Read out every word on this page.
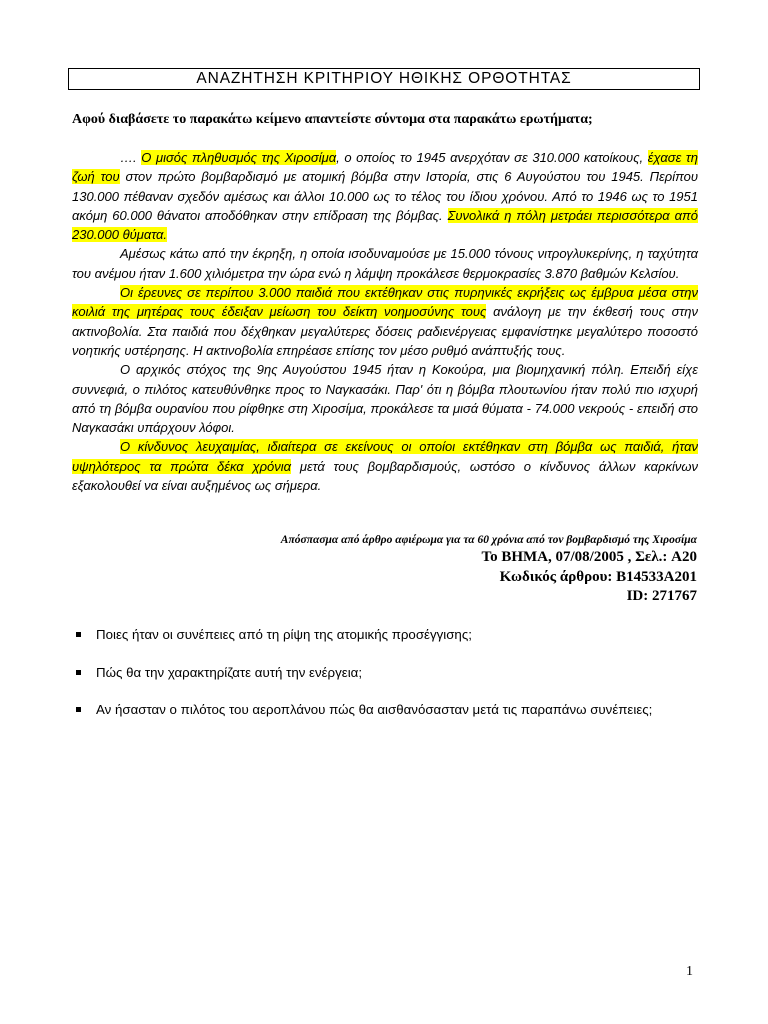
ΑΝΑΖΗΤΗΣΗ ΚΡΙΤΗΡΙΟΥ ΗΘΙΚΗΣ ΟΡΘΟΤΗΤΑΣ
Αφού διαβάσετε το παρακάτω κείμενο απαντείστε σύντομα στα παρακάτω ερωτήματα;

…. Ο μισός πληθυσμός της Χιροσίμα, ο οποίος το 1945 ανερχόταν σε 310.000 κατοίκους, έχασε τη ζωή του στον πρώτο βομβαρδισμό με ατομική βόμβα στην Ιστορία, στις 6 Αυγούστου του 1945. Περίπου 130.000 πέθαναν σχεδόν αμέσως και άλλοι 10.000 ως το τέλος του ίδιου χρόνου. Από το 1946 ως το 1951 ακόμη 60.000 θάνατοι αποδόθηκαν στην επίδραση της βόμβας. Συνολικά η πόλη μετράει περισσότερα από 230.000 θύματα.

Αμέσως κάτω από την έκρηξη, η οποία ισοδυναμούσε με 15.000 τόνους νιτρογλυκερίνης, η ταχύτητα του ανέμου ήταν 1.600 χιλιόμετρα την ώρα ενώ η λάμψη προκάλεσε θερμοκρασίες 3.870 βαθμών Κελσίου.

Οι έρευνες σε περίπου 3.000 παιδιά που εκτέθηκαν στις πυρηνικές εκρήξεις ως έμβρυα μέσα στην κοιλιά της μητέρας τους έδειξαν μείωση του δείκτη νοημοσύνης τους ανάλογη με την έκθεσή τους στην ακτινοβολία. Στα παιδιά που δέχθηκαν μεγαλύτερες δόσεις ραδιενέργειας εμφανίστηκε μεγαλύτερο ποσοστό νοητικής υστέρησης. Η ακτινοβολία επηρέασε επίσης τον μέσο ρυθμό ανάπτυξής τους.

Ο αρχικός στόχος της 9ης Αυγούστου 1945 ήταν η Κοκούρα, μια βιομηχανική πόλη. Επειδή είχε συννεφιά, ο πιλότος κατευθύνθηκε προς το Ναγκασάκι. Παρ' ότι η βόμβα πλουτωνίου ήταν πολύ πιο ισχυρή από τη βόμβα ουρανίου που ρίφθηκε στη Χιροσίμα, προκάλεσε τα μισά θύματα - 74.000 νεκρούς - επειδή στο Ναγκασάκι υπάρχουν λόφοι.

Ο κίνδυνος λευχαιμίας, ιδιαίτερα σε εκείνους οι οποίοι εκτέθηκαν στη βόμβα ως παιδιά, ήταν υψηλότερος τα πρώτα δέκα χρόνια μετά τους βομβαρδισμούς, ωστόσο ο κίνδυνος άλλων καρκίνων εξακολουθεί να είναι αυξημένος ως σήμερα.

Απόσπασμα από άρθρο αφιέρωμα για τα 60 χρόνια από τον βομβαρδισμό της Χιροσίμα
Το ΒΗΜΑ, 07/08/2005 , Σελ.: A20
Κωδικός άρθρου: B14533A201
ID: 271767
Ποιες ήταν οι συνέπειες από τη ρίψη της ατομικής προσέγγισης;
Πώς θα την χαρακτηρίζατε αυτή την ενέργεια;
Αν ήσασταν ο πιλότος του αεροπλάνου πώς θα αισθανόσασταν μετά τις παραπάνω συνέπειες;
1
